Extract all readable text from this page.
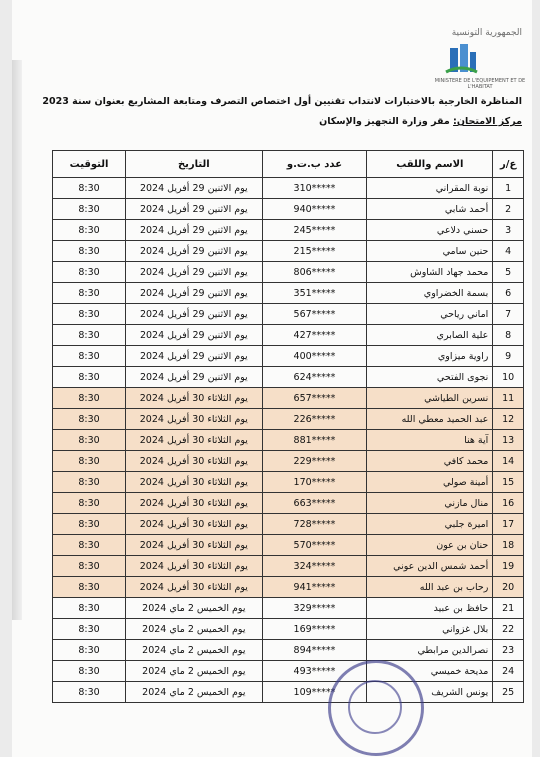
الجمهورية التونسية
MINISTERE DE L'EQUIPEMENT ET DE L'HABITAT
المناظرة الخارجية بالاختبارات لانتداب تقنيين أول اختصاص التصرف ومتابعة المشاريع بعنوان سنة 2023
مركز الامتحان: مقر وزارة التجهيز والإسكان
ع/ر	الاسم واللقب	عدد ب.ت.و	التاريخ	التوقيت
1	نوبة المقراني	*****310	يوم الاثنين 29 أفريل 2024	8:30
2	أحمد شابي	*****940	يوم الاثنين 29 أفريل 2024	8:30
3	حسني دلاعي	*****245	يوم الاثنين 29 أفريل 2024	8:30
4	حنين سامي	*****215	يوم الاثنين 29 أفريل 2024	8:30
5	محمد جهاد الشاوش	*****806	يوم الاثنين 29 أفريل 2024	8:30
6	بسمة الخضراوي	*****351	يوم الاثنين 29 أفريل 2024	8:30
7	اماني رياحي	*****567	يوم الاثنين 29 أفريل 2024	8:30
8	علية الصابري	*****427	يوم الاثنين 29 أفريل 2024	8:30
9	راوية ميزاوي	*****400	يوم الاثنين 29 أفريل 2024	8:30
10	نجوى الفتحي	*****624	يوم الاثنين 29 أفريل 2024	8:30
11	نسرين الطياشي	*****657	يوم الثلاثاء 30 أفريل 2024	8:30
12	عبد الحميد معطي الله	*****226	يوم الثلاثاء 30 أفريل 2024	8:30
13	آية هنا	*****881	يوم الثلاثاء 30 أفريل 2024	8:30
14	محمد كافي	*****229	يوم الثلاثاء 30 أفريل 2024	8:30
15	أمينة صولي	*****170	يوم الثلاثاء 30 أفريل 2024	8:30
16	منال مازني	*****663	يوم الثلاثاء 30 أفريل 2024	8:30
17	اميرة جلبي	*****728	يوم الثلاثاء 30 أفريل 2024	8:30
18	حنان بن عون	*****570	يوم الثلاثاء 30 أفريل 2024	8:30
19	أحمد شمس الدين عوني	*****324	يوم الثلاثاء 30 أفريل 2024	8:30
20	رحاب بن عبد الله	*****941	يوم الثلاثاء 30 أفريل 2024	8:30
21	حافظ بن عبيد	*****329	يوم الخميس 2 ماي 2024	8:30
22	بلال غزواني	*****169	يوم الخميس 2 ماي 2024	8:30
23	نصرالدين مرابطي	*****894	يوم الخميس 2 ماي 2024	8:30
24	مديحة خميسي	*****493	يوم الخميس 2 ماي 2024	8:30
25	يونس الشريف	*****109	يوم الخميس 2 ماي 2024	8:30
